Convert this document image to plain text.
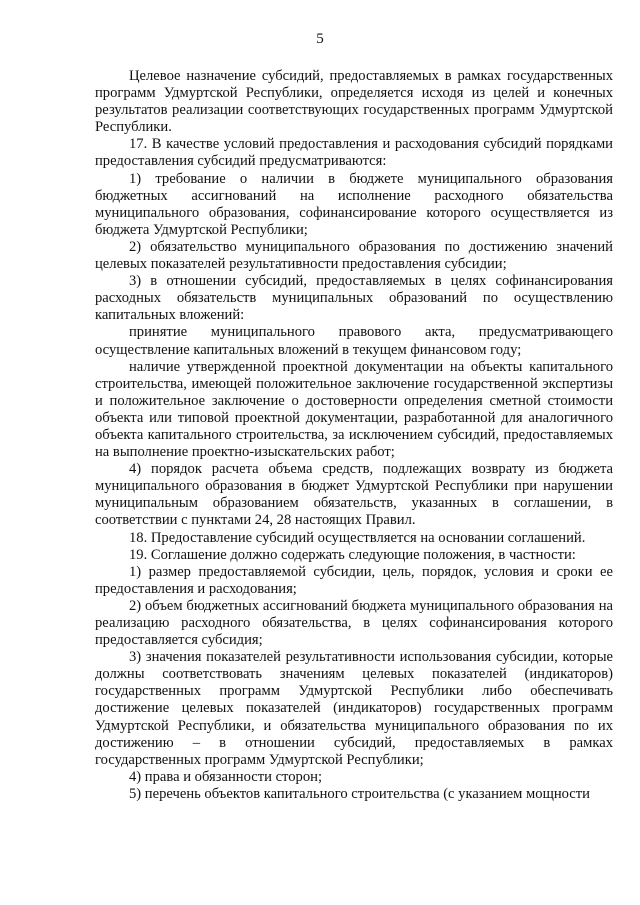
5

Целевое назначение субсидий, предоставляемых в рамках государственных программ Удмуртской Республики, определяется исходя из целей и конечных результатов реализации соответствующих государственных программ Удмуртской Республики.

17. В качестве условий предоставления и расходования субсидий порядками предоставления субсидий предусматриваются:

1) требование о наличии в бюджете муниципального образования бюджетных ассигнований на исполнение расходного обязательства муниципального образования, софинансирование которого осуществляется из бюджета Удмуртской Республики;

2) обязательство муниципального образования по достижению значений целевых показателей результативности предоставления субсидии;

3) в отношении субсидий, предоставляемых в целях софинансирования расходных обязательств муниципальных образований по осуществлению капитальных вложений:

принятие муниципального правового акта, предусматривающего осуществление капитальных вложений в текущем финансовом году;

наличие утвержденной проектной документации на объекты капитального строительства, имеющей положительное заключение государственной экспертизы и положительное заключение о достоверности определения сметной стоимости объекта или типовой проектной документации, разработанной для аналогичного объекта капитального строительства, за исключением субсидий, предоставляемых на выполнение проектно-изыскательских работ;

4) порядок расчета объема средств, подлежащих возврату из бюджета муниципального образования в бюджет Удмуртской Республики при нарушении муниципальным образованием обязательств, указанных в соглашении, в соответствии с пунктами 24, 28 настоящих Правил.

18. Предоставление субсидий осуществляется на основании соглашений.

19. Соглашение должно содержать следующие положения, в частности:

1) размер предоставляемой субсидии, цель, порядок, условия и сроки ее предоставления и расходования;

2) объем бюджетных ассигнований бюджета муниципального образования на реализацию расходного обязательства, в целях софинансирования которого предоставляется субсидия;

3) значения показателей результативности использования субсидии, которые должны соответствовать значениям целевых показателей (индикаторов) государственных программ Удмуртской Республики либо обеспечивать достижение целевых показателей (индикаторов) государственных программ Удмуртской Республики, и обязательства муниципального образования по их достижению – в отношении субсидий, предоставляемых в рамках государственных программ Удмуртской Республики;

4) права и обязанности сторон;

5) перечень объектов капитального строительства (с указанием мощности
